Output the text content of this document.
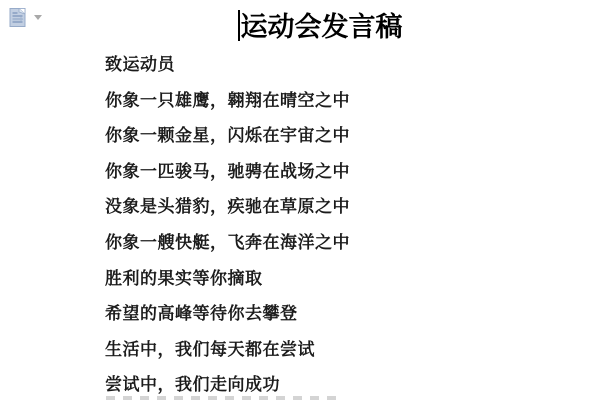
运动会发言稿
致运动员
你象一只雄鹰，翱翔在晴空之中
你象一颗金星，闪烁在宇宙之中
你象一匹骏马，驰骋在战场之中
没象是头猎豹，疾驰在草原之中
你象一艘快艇，飞奔在海洋之中
胜利的果实等你摘取
希望的高峰等待你去攀登
生活中，我们每天都在尝试
尝试中，我们走向成功
